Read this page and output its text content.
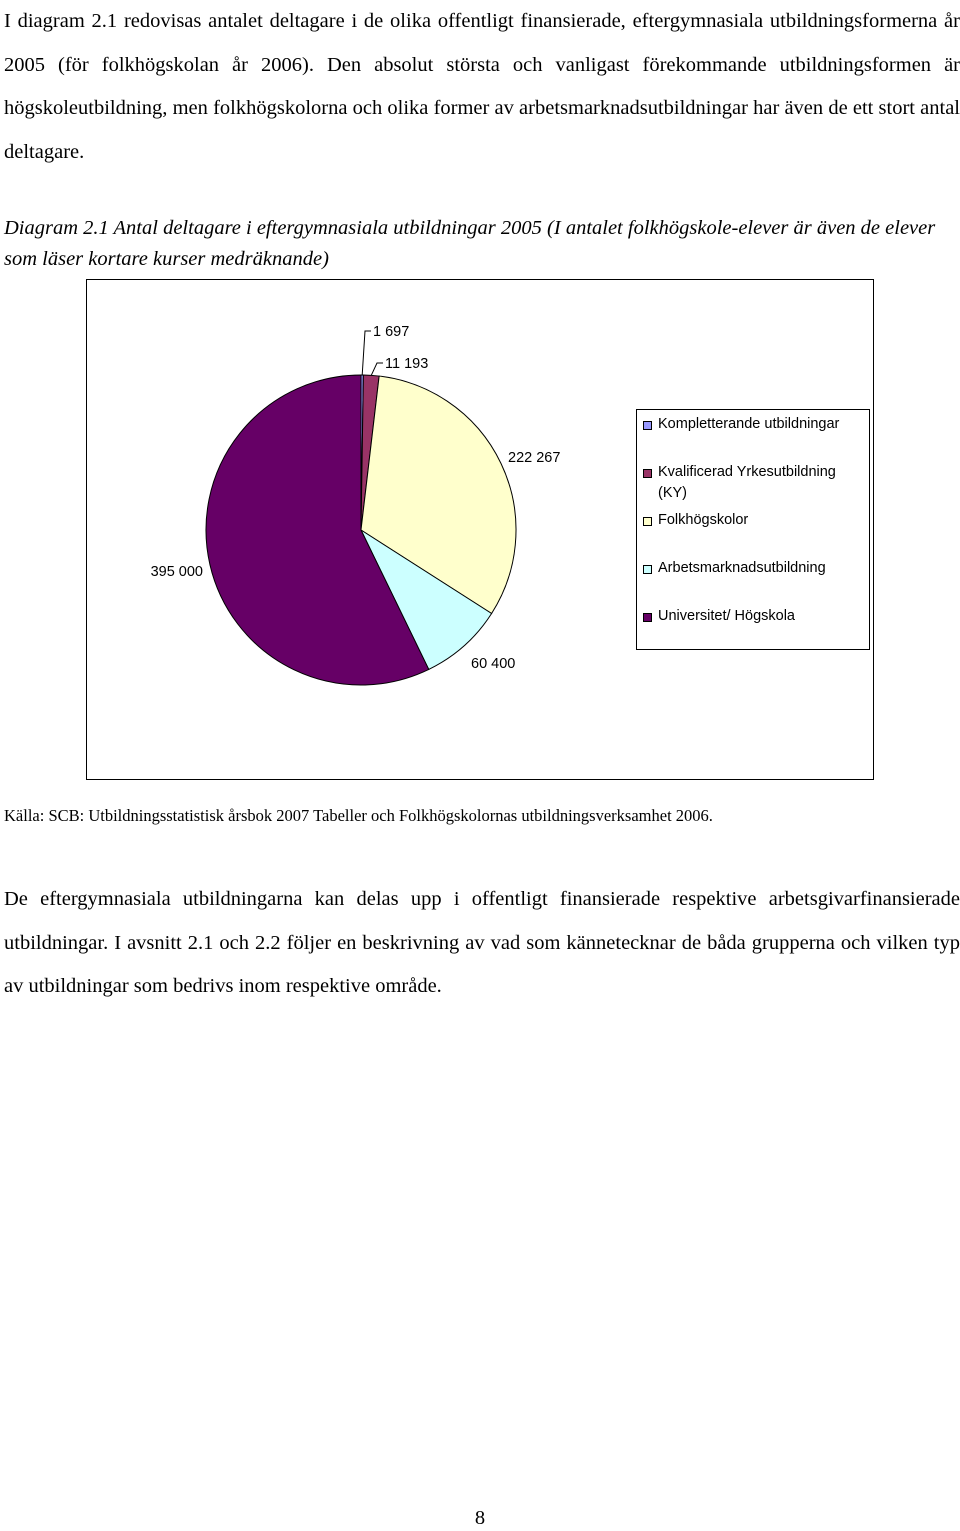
I diagram 2.1 redovisas antalet deltagare i de olika offentligt finansierade, eftergymnasiala utbildningsformerna år 2005 (för folkhögskolan år 2006). Den absolut största och vanligast förekommande utbildningsformen är högskoleutbildning, men folkhögskolorna och olika former av arbetsmarknadsutbildningar har även de ett stort antal deltagare.

Diagram 2.1 Antal deltagare i eftergymnasiala utbildningar 2005 (I antalet folkhögskole-elever är även de elever som läser kortare kurser medräknande)

1 697
11 193
222 267
60 400
395 000
Kompletterande utbildningar
Kvalificerad Yrkesutbildning (KY)
Folkhögskolor
Arbetsmarknadsutbildning
Universitet/ Högskola

Källa: SCB: Utbildningsstatistisk årsbok 2007 Tabeller och Folkhögskolornas utbildningsverksamhet 2006.

De eftergymnasiala utbildningarna kan delas upp i offentligt finansierade respektive arbetsgivarfinansierade utbildningar. I avsnitt 2.1 och 2.2 följer en beskrivning av vad som kännetecknar de båda grupperna och vilken typ av utbildningar som bedrivs inom respektive område.

8
